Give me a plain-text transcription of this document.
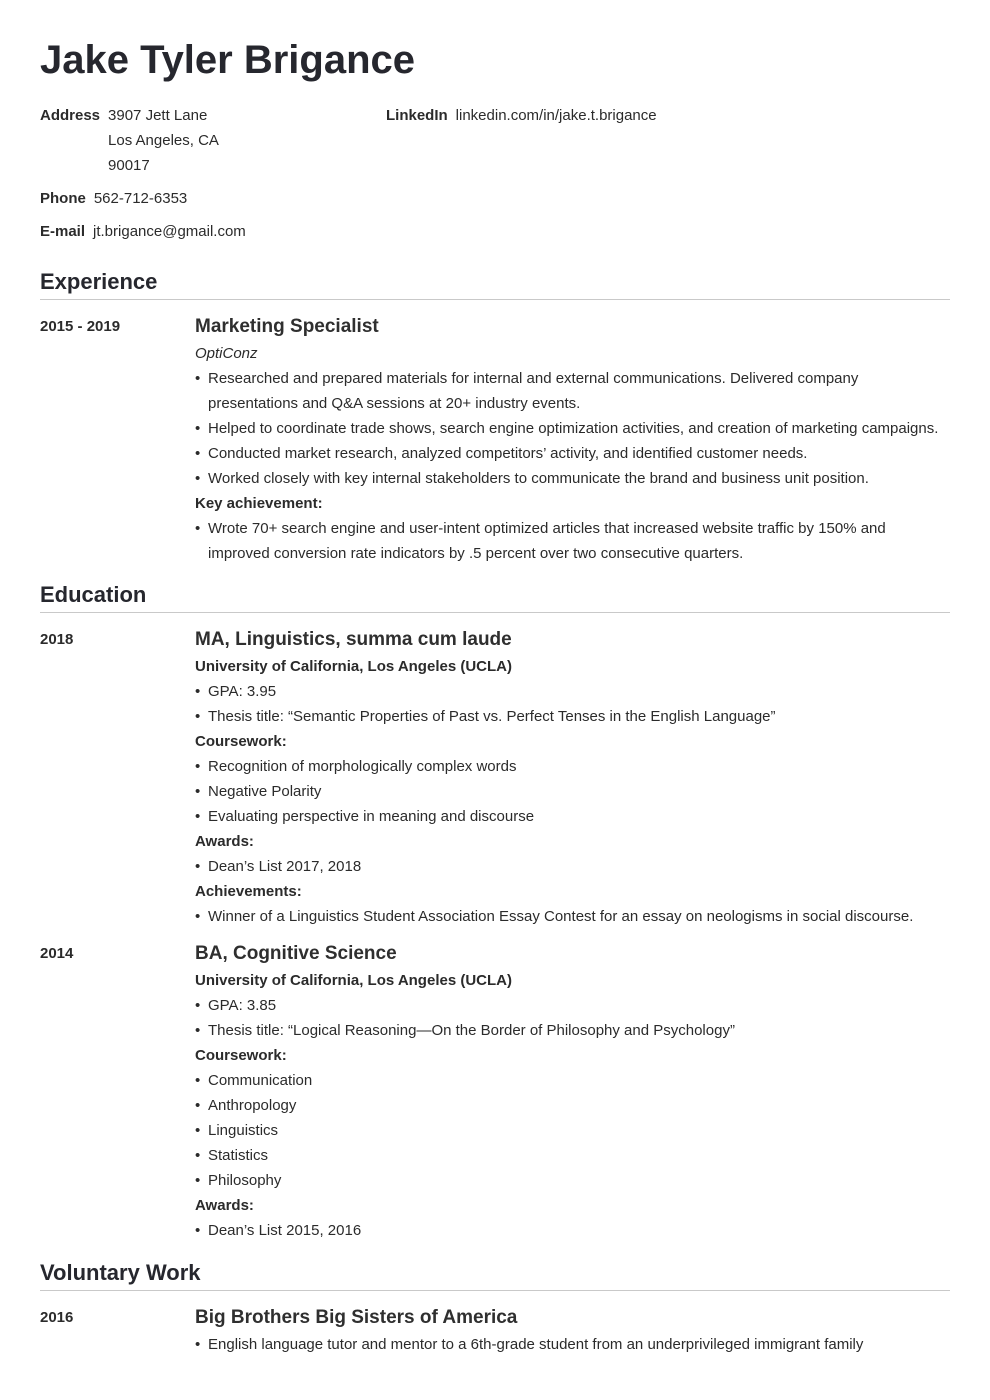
Jake Tyler Brigance
Address 3907 Jett Lane
Los Angeles, CA
90017
LinkedIn linkedin.com/in/jake.t.brigance
Phone 562-712-6353
E-mail jt.brigance@gmail.com
Experience
2015 - 2019	Marketing Specialist
OptiConz
• Researched and prepared materials for internal and external communications. Delivered company presentations and Q&A sessions at 20+ industry events.
• Helped to coordinate trade shows, search engine optimization activities, and creation of marketing campaigns.
• Conducted market research, analyzed competitors’ activity, and identified customer needs.
• Worked closely with key internal stakeholders to communicate the brand and business unit position.
Key achievement:
• Wrote 70+ search engine and user-intent optimized articles that increased website traffic by 150% and improved conversion rate indicators by .5 percent over two consecutive quarters.
Education
2018	MA, Linguistics, summa cum laude
University of California, Los Angeles (UCLA)
• GPA: 3.95
• Thesis title: “Semantic Properties of Past vs. Perfect Tenses in the English Language”
Coursework:
• Recognition of morphologically complex words
• Negative Polarity
• Evaluating perspective in meaning and discourse
Awards:
• Dean’s List 2017, 2018
Achievements:
• Winner of a Linguistics Student Association Essay Contest for an essay on neologisms in social discourse.
2014	BA, Cognitive Science
University of California, Los Angeles (UCLA)
• GPA: 3.85
• Thesis title: “Logical Reasoning—On the Border of Philosophy and Psychology”
Coursework:
• Communication
• Anthropology
• Linguistics
• Statistics
• Philosophy
Awards:
• Dean’s List 2015, 2016
Voluntary Work
2016	Big Brothers Big Sisters of America
• English language tutor and mentor to a 6th-grade student from an underprivileged immigrant family
